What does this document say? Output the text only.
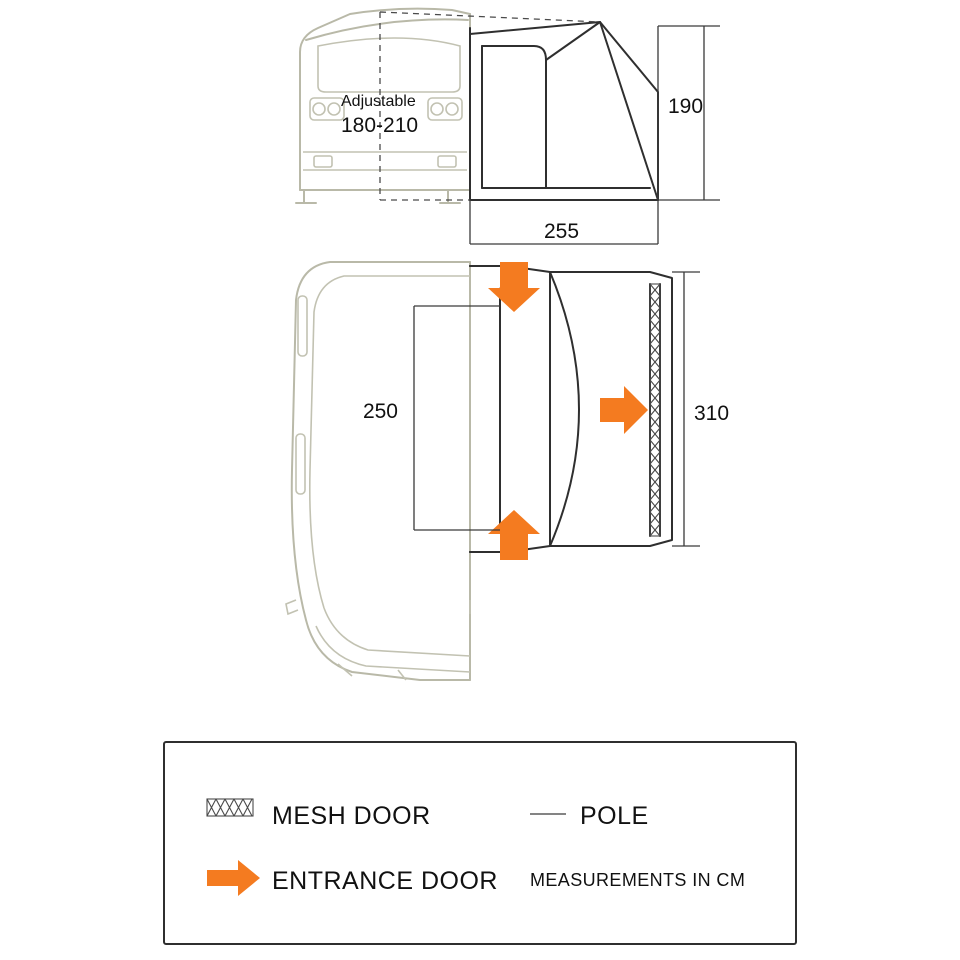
Adjustable
180-210
190
255
250	310
MESH DOOR	POLE
ENTRANCE DOOR MEASUREMENTS IN CM
